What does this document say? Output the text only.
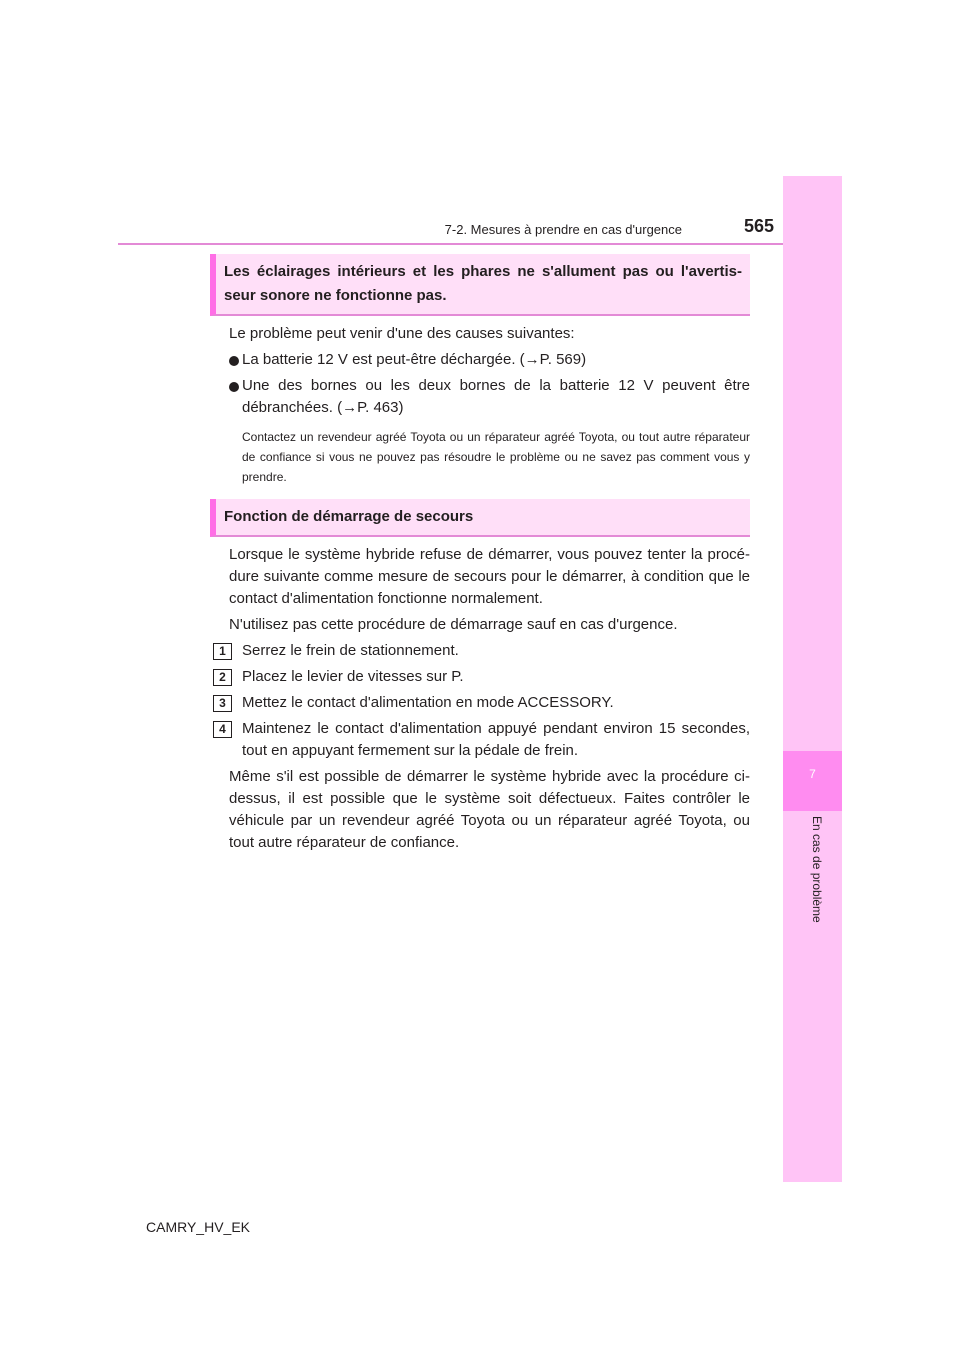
7-2. Mesures à prendre en cas d'urgence	565
7
En cas de problème
Les éclairages intérieurs et les phares ne s'allument pas ou l'avertis-seur sonore ne fonctionne pas.

Le problème peut venir d'une des causes suivantes:

La batterie 12 V est peut-être déchargée. (→P. 569)
Une des bornes ou les deux bornes de la batterie 12 V peuvent être débranchées. (→P. 463)

Contactez un revendeur agréé Toyota ou un réparateur agréé Toyota, ou tout autre réparateur de confiance si vous ne pouvez pas résoudre le problème ou ne savez pas comment vous y prendre.

Fonction de démarrage de secours

Lorsque le système hybride refuse de démarrer, vous pouvez tenter la procé-dure suivante comme mesure de secours pour le démarrer, à condition que le contact d'alimentation fonctionne normalement.

N'utilisez pas cette procédure de démarrage sauf en cas d'urgence.

1	Serrez le frein de stationnement.
2	Placez le levier de vitesses sur P.
3	Mettez le contact d'alimentation en mode ACCESSORY.
4	Maintenez le contact d'alimentation appuyé pendant environ 15 secondes, tout en appuyant fermement sur la pédale de frein.

Même s'il est possible de démarrer le système hybride avec la procédure ci-dessus, il est possible que le système soit défectueux. Faites contrôler le véhicule par un revendeur agréé Toyota ou un réparateur agréé Toyota, ou tout autre réparateur de confiance.

CAMRY_HV_EK
